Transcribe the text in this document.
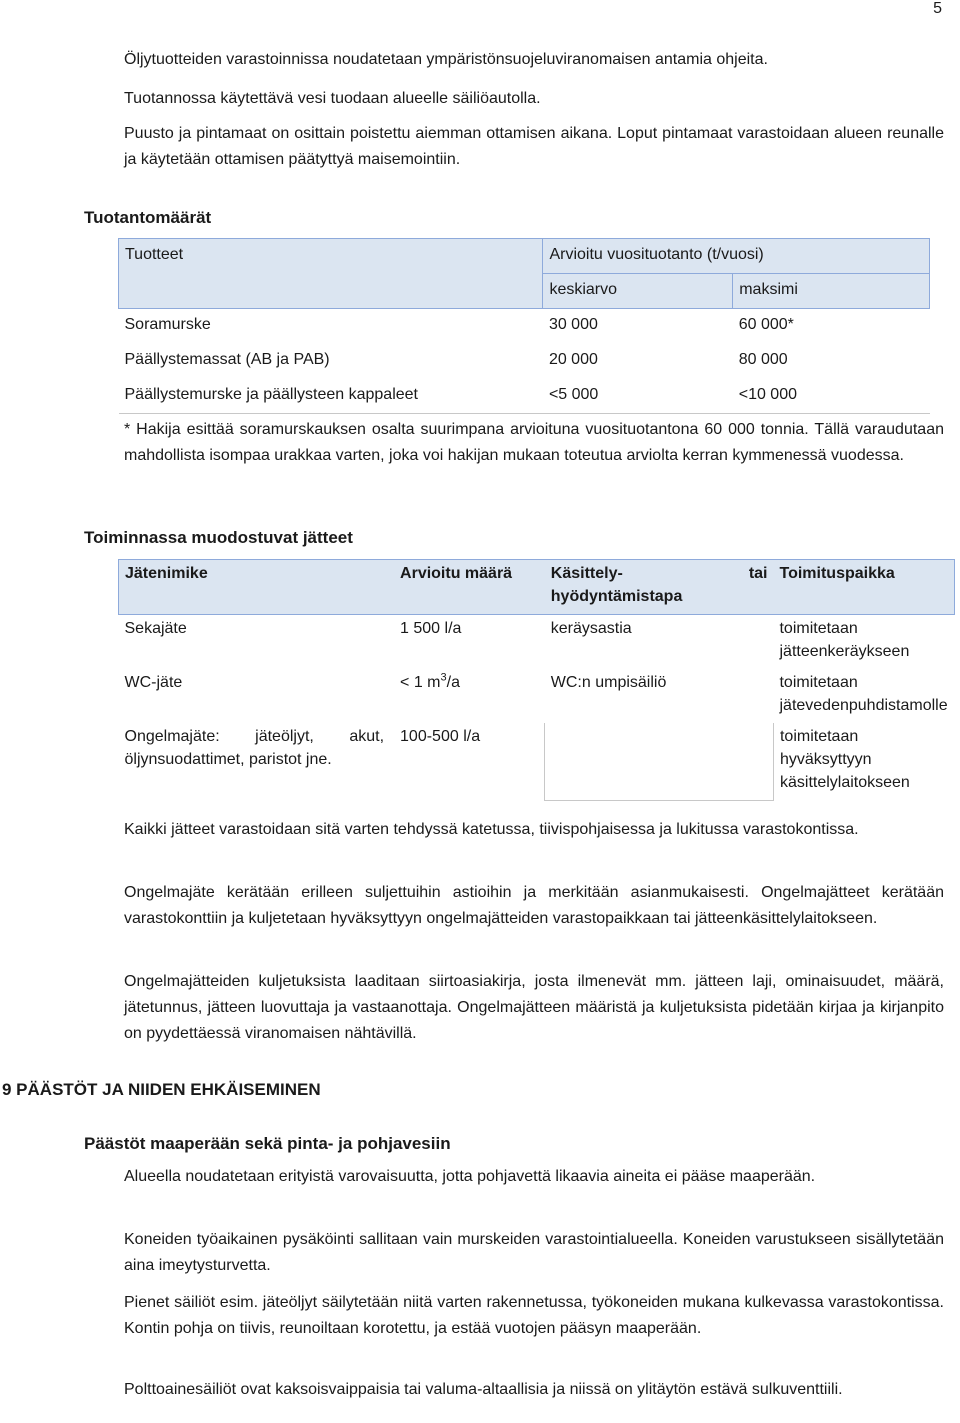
5
Öljytuotteiden varastoinnissa noudatetaan ympäristönsuojeluviranomaisen antamia ohjeita.
Tuotannossa käytettävä vesi tuodaan alueelle säiliöautolla.
Puusto ja pintamaat on osittain poistettu aiemman ottamisen aikana. Loput pintamaat varastoidaan alueen reunalle ja käytetään ottamisen päätyttyä maisemointiin.
Tuotantomäärät
Tuotteet	Arvioitu vuosituotanto (t/vuosi)	
	keskiarvo	maksimi
Soramurske	30 000	60 000*
Päällystemassat (AB ja PAB)	20 000	80 000
Päällystemurske ja päällysteen kappaleet	<5 000	<10 000
* Hakija esittää soramurskauksen osalta suurimpana arvioituna vuosituotantona 60 000 tonnia. Tällä varaudutaan mahdollista isompaa urakkaa varten, joka voi hakijan mukaan toteutua arviolta kerran kymmenessä vuodessa.
Toiminnassa muodostuvat jätteet
Jätenimike	Arvioitu määrä	Käsittely- tai hyödyntämistapa	Toimituspaikka
Sekajäte	1 500 l/a	keräysastia	toimitetaan jätteenkeräykseen
WC-jäte	< 1 $m^3/a$	WC:n umpisäiliö	toimitetaan jätevedenpuhdistamolle
Ongelmajäte: jäteöljyt, akut, öljynsuodattimet, paristot jne.	100-500 l/a		toimitetaan hyväksyttyyn käsittelylaitokseen
Kaikki jätteet varastoidaan sitä varten tehdyssä katetussa, tiivispohjaisessa ja lukitussa varastokontissa.
Ongelmajäte kerätään erilleen suljettuihin astioihin ja merkitään asianmukaisesti. Ongelmajätteet kerätään varastokonttiin ja kuljetetaan hyväksyttyyn ongelmajätteiden varastopaikkaan tai jätteenkäsittelylaitokseen.
Ongelmajätteiden kuljetuksista laaditaan siirtoasiakirja, josta ilmenevät mm. jätteen laji, ominaisuudet, määrä, jätetunnus, jätteen luovuttaja ja vastaanottaja. Ongelmajätteen määristä ja kuljetuksista pidetään kirjaa ja kirjanpito on pyydettäessä viranomaisen nähtävillä.
9 PÄÄSTÖT JA NIIDEN EHKÄISEMINEN
Päästöt maaperään sekä pinta- ja pohjavesiin
Alueella noudatetaan erityistä varovaisuutta, jotta pohjavettä likaavia aineita ei pääse maaperään.
Koneiden työaikainen pysäköinti sallitaan vain murskeiden varastointialueella. Koneiden varustukseen sisällytetään aina imeytysturvetta.
Pienet säiliöt esim. jäteöljyt säilytetään niitä varten rakennetussa, työkoneiden mukana kulkevassa varastokontissa. Kontin pohja on tiivis, reunoiltaan korotettu, ja estää vuotojen pääsyn maaperään.
Polttoainesäiliöt ovat kaksoisvaippaisia tai valuma-altaallisia ja niissä on ylitäytön estävä sulkuventtiili.
